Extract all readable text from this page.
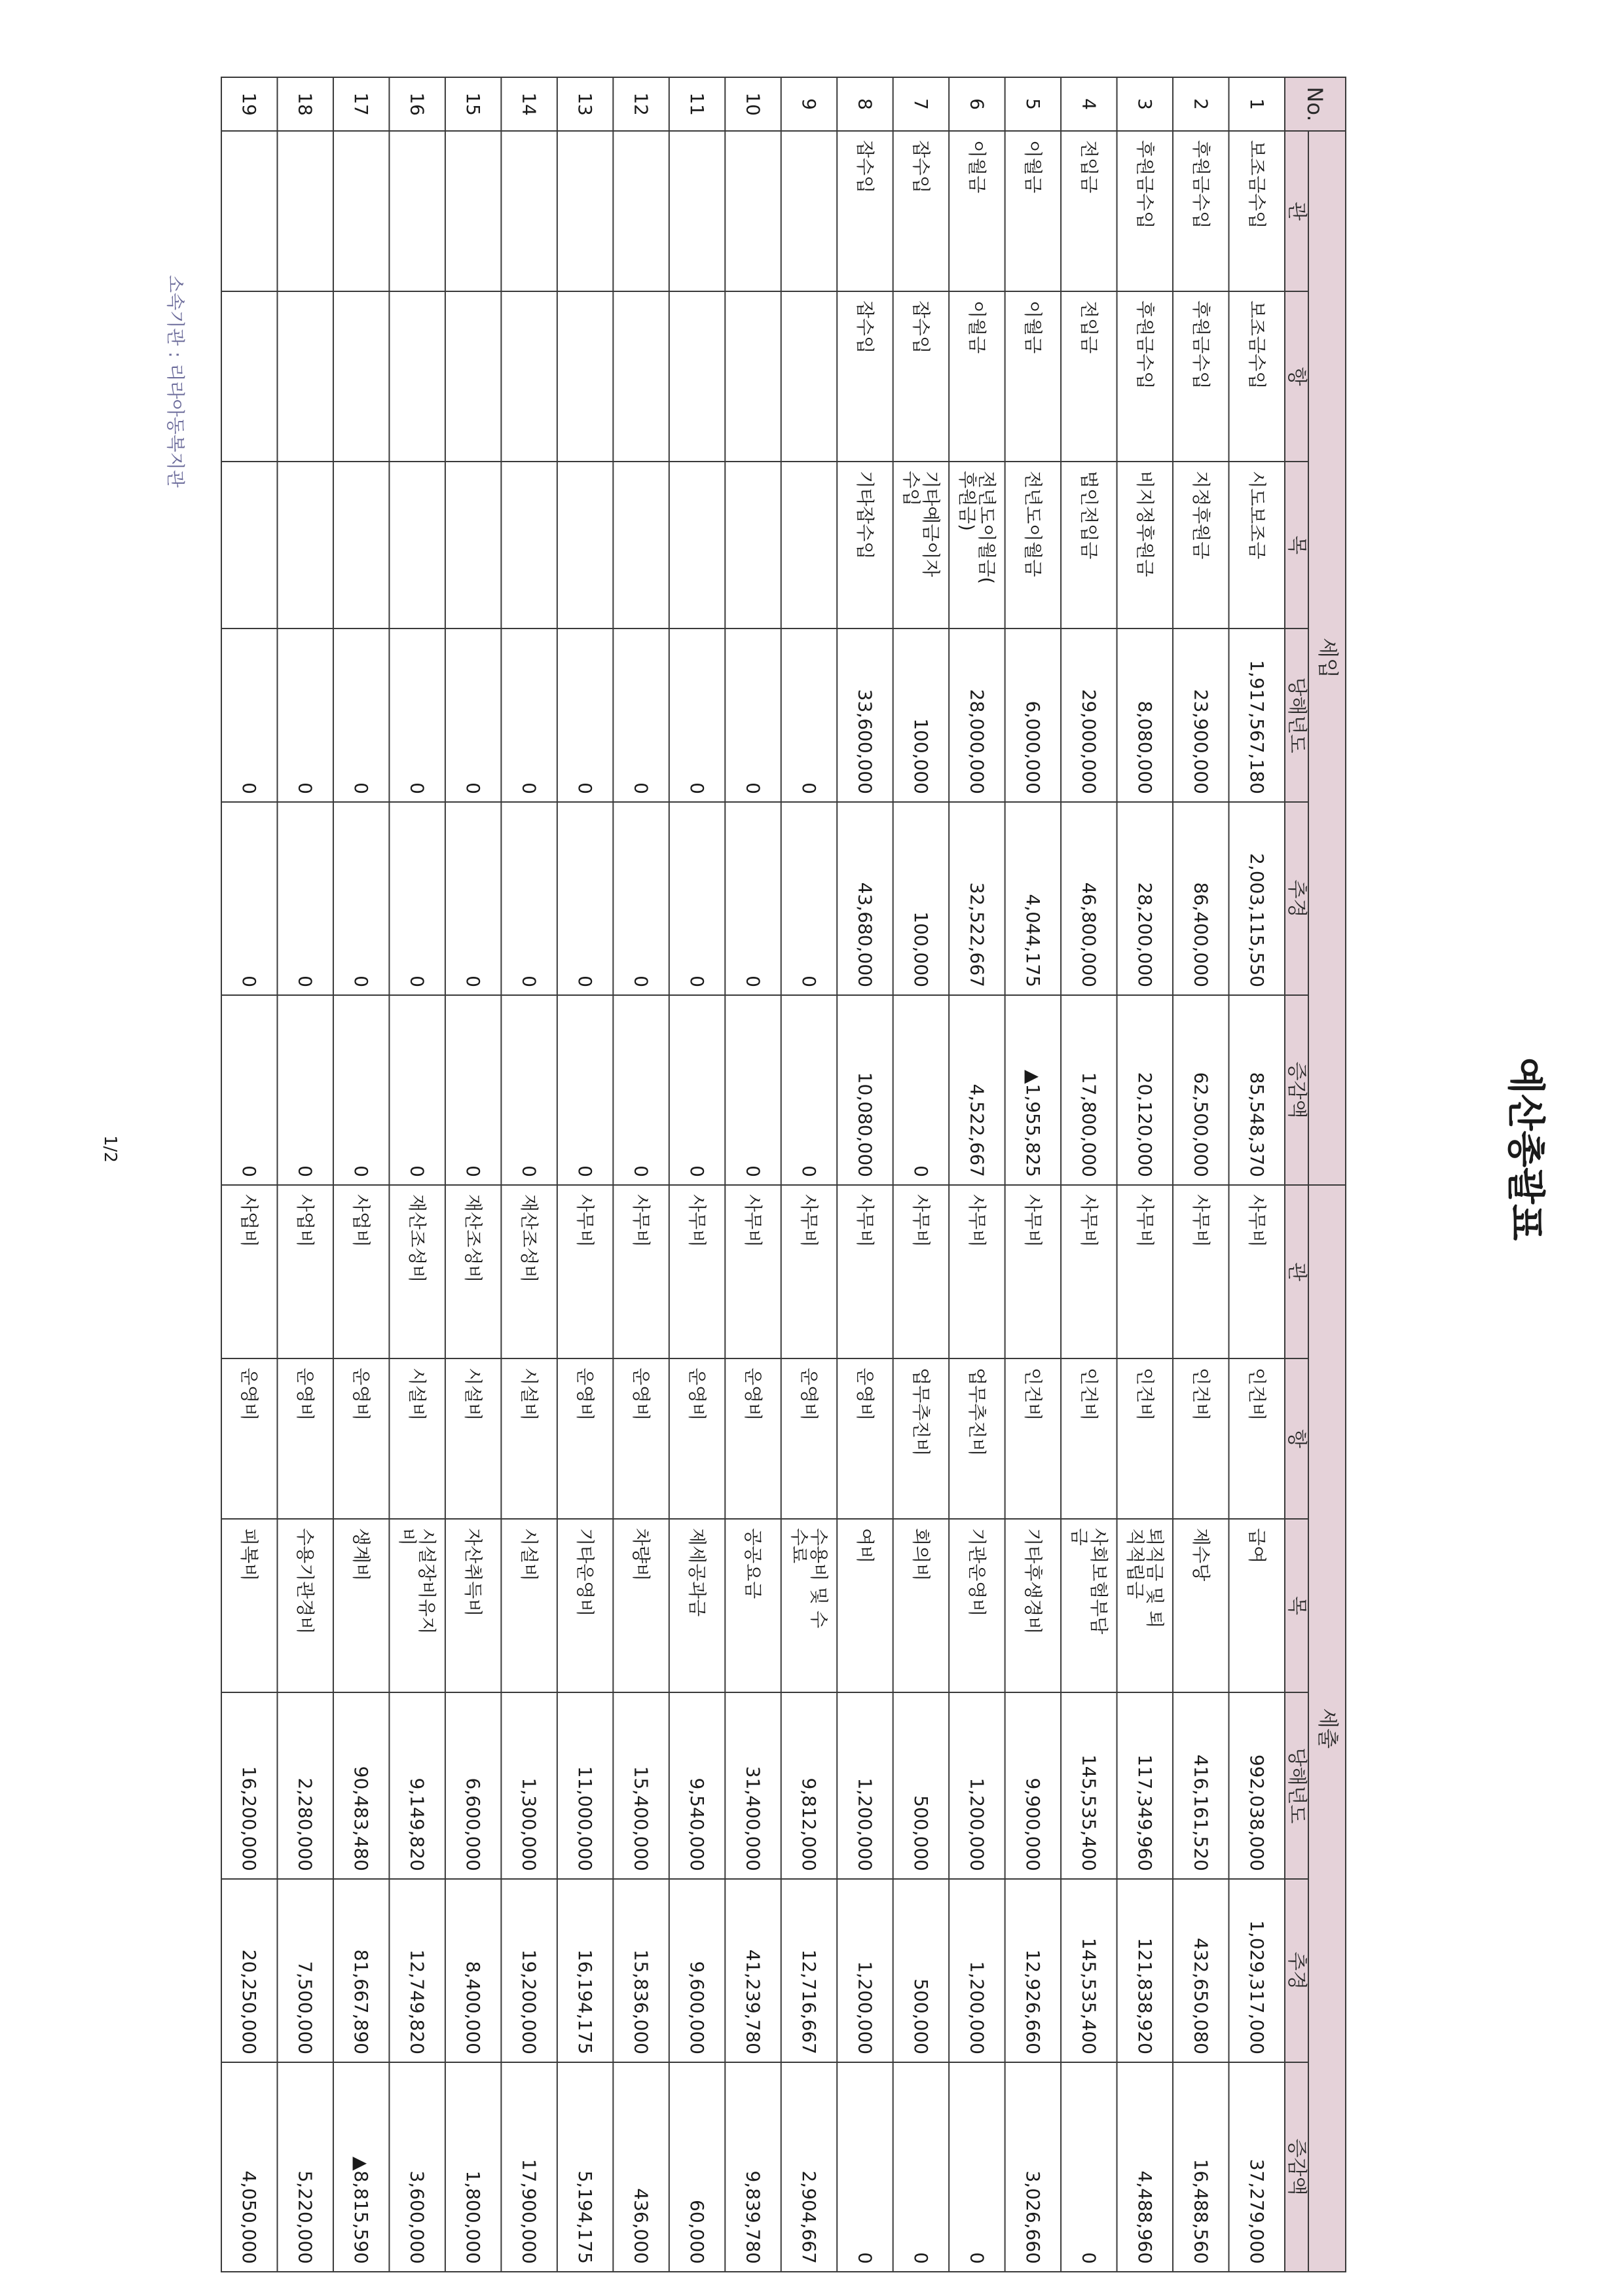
예산총괄표
No.
세입
세출
관
항
목
당해년도
추경
증감액
관
항
목
당해년도
추경
증감액
1
보조금수입
보조금수입
시도보조금
1,917,567,180
2,003,115,550
85,548,370
사무비
인건비
급여
992,038,000
1,029,317,000
37,279,000
2
후원금수입
후원금수입
지정후원금
23,900,000
86,400,000
62,500,000
사무비
인건비
제수당
416,161,520
432,650,080
16,488,560
3
후원금수입
후원금수입
비지정후원금
8,080,000
28,200,000
20,120,000
사무비
인건비
퇴직금 및 퇴
직적립금
117,349,960
121,838,920
4,488,960
4
전입금
전입금
법인전입금
29,000,000
46,800,000
17,800,000
사무비
인건비
사회보험부담
금
145,535,400
145,535,400
0
5
이월금
이월금
전년도이월금
6,000,000
4,044,175
▲1,955,825
사무비
인건비
기타후생경비
9,900,000
12,926,660
3,026,660
6
이월금
이월금
전년도이월금(
후원금)
28,000,000
32,522,667
4,522,667
사무비
업무추진비
기관운영비
1,200,000
1,200,000
0
7
잡수입
잡수입
기타예금이자
수입
100,000
100,000
0
사무비
업무추진비
회의비
500,000
500,000
0
8
잡수입
잡수입
기타잡수입
33,600,000
43,680,000
10,080,000
사무비
운영비
여비
1,200,000
1,200,000
0
9
0
0
0
사무비
운영비
수용비 및 수
수료
9,812,000
12,716,667
2,904,667
10
0
0
0
사무비
운영비
공공요금
31,400,000
41,239,780
9,839,780
11
0
0
0
사무비
운영비
제세공과금
9,540,000
9,600,000
60,000
12
0
0
0
사무비
운영비
차량비
15,400,000
15,836,000
436,000
13
0
0
0
사무비
운영비
기타운영비
11,000,000
16,194,175
5,194,175
14
0
0
0
재산조성비
시설비
시설비
1,300,000
19,200,000
17,900,000
15
0
0
0
재산조성비
시설비
자산취득비
6,600,000
8,400,000
1,800,000
16
0
0
0
재산조성비
시설비
시설장비유지
비
9,149,820
12,749,820
3,600,000
17
0
0
0
사업비
운영비
생계비
90,483,480
81,667,890
▲8,815,590
18
0
0
0
사업비
운영비
수용기관경비
2,280,000
7,500,000
5,220,000
19
0
0
0
사업비
운영비
피복비
16,200,000
20,250,000
4,050,000
1/2
소속기관 : 리라아동복지관
